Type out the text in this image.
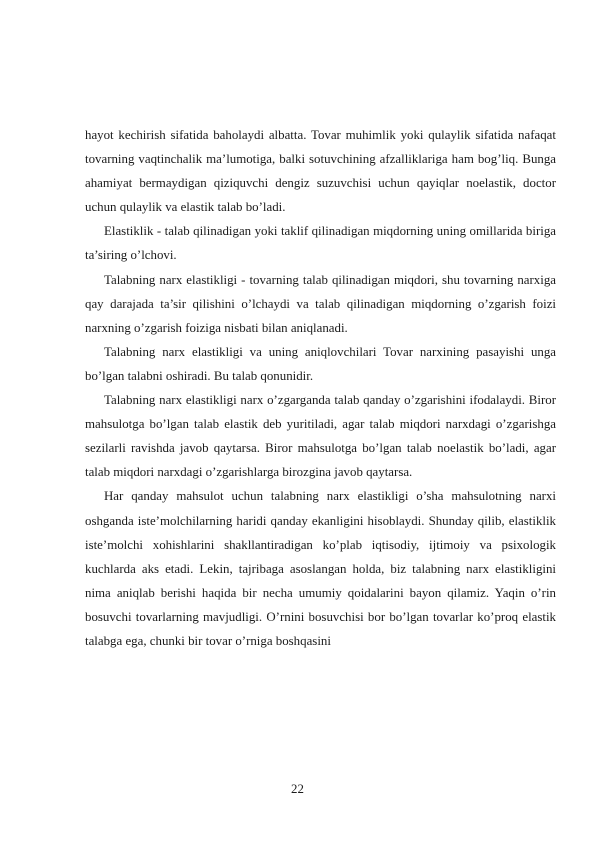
hayot kechirish sifatida baholaydi albatta. Tovar muhimlik yoki qulaylik sifatida nafaqat tovarning vaqtinchalik ma’lumotiga, balki sotuvchining afzalliklariga ham bog’liq. Bunga ahamiyat bermaydigan qiziquvchi dengiz suzuvchisi uchun qayiqlar noelastik, doctor uchun qulaylik va elastik talab bo’ladi.

Elastiklik - talab qilinadigan yoki taklif qilinadigan miqdorning uning omillarida biriga ta’siring o’lchovi.

Talabning narx elastikligi - tovarning talab qilinadigan miqdori, shu tovarning narxiga qay darajada ta’sir qilishini o’lchaydi va talab qilinadigan miqdorning o’zgarish foizi narxning o’zgarish foiziga nisbati bilan aniqlanadi.

Talabning narx elastikligi va uning aniqlovchilari Tovar narxining pasayishi unga bo’lgan talabni oshiradi. Bu talab qonunidir.

Talabning narx elastikligi narx o’zgarganda talab qanday o’zgarishini ifodalaydi. Biror mahsulotga bo’lgan talab elastik deb yuritiladi, agar talab miqdori narxdagi o’zgarishga sezilarli ravishda javob qaytarsa. Biror mahsulotga bo’lgan talab noelastik bo’ladi, agar talab miqdori narxdagi o’zgarishlarga birozgina javob qaytarsa.

Har qanday mahsulot uchun talabning narx elastikligi o’sha mahsulotning narxi oshganda iste’molchilarning haridi qanday ekanligini hisoblaydi. Shunday qilib, elastiklik iste’molchi xohishlarini shakllantiradigan ko’plab iqtisodiy, ijtimoiy va psixologik kuchlarda aks etadi. Lekin, tajribaga asoslangan holda, biz talabning narx elastikligini nima aniqlab berishi haqida bir necha umumiy qoidalarini bayon qilamiz. Yaqin o’rin bosuvchi tovarlarning mavjudligi. O’rnini bosuvchisi bor bo’lgan tovarlar ko’proq elastik talabga ega, chunki bir tovar o’rniga boshqasini

22
